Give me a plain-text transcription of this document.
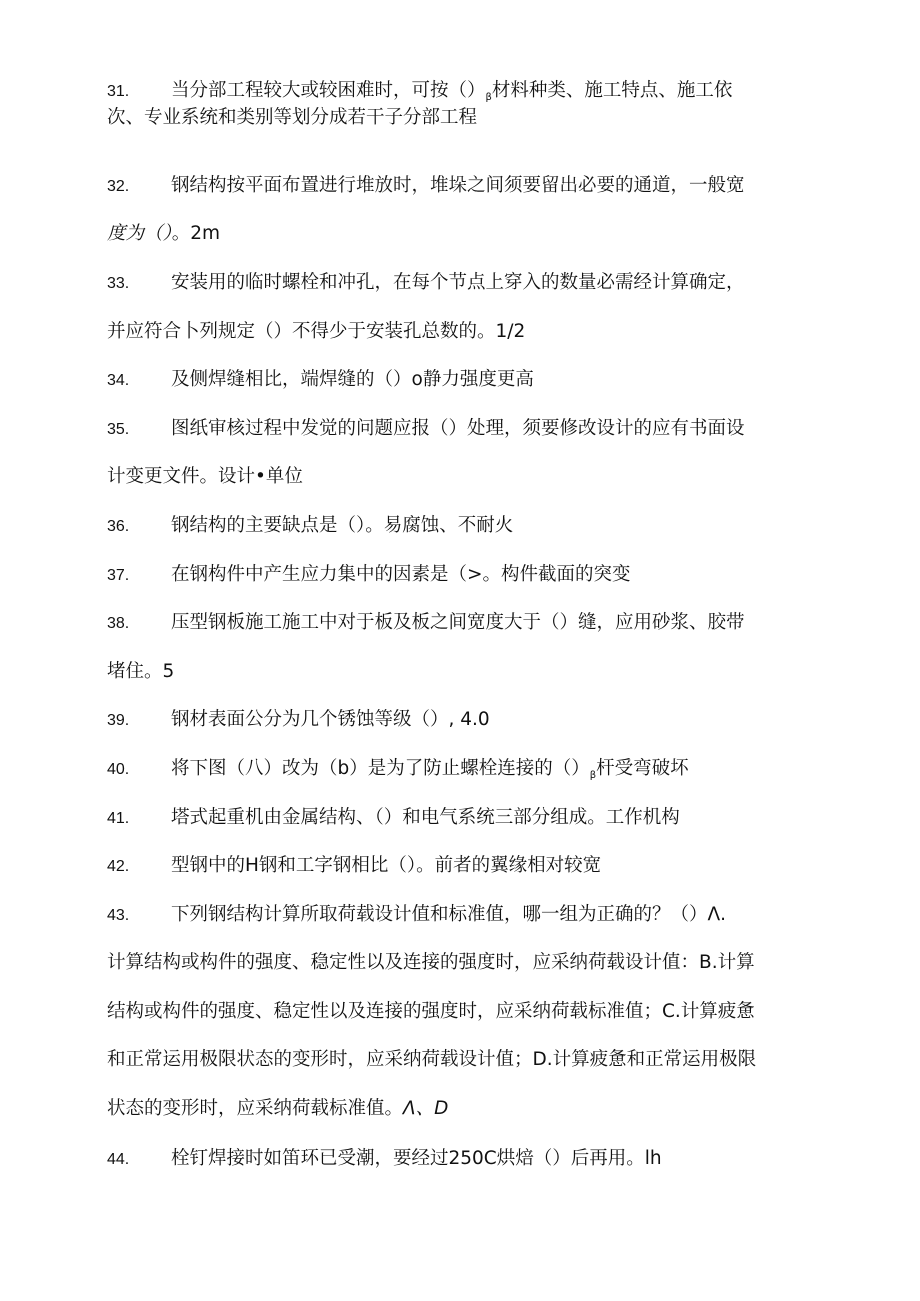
31. 当分部工程较大或较困难时，可按$()_\beta$材料种类、施工特点、施工依
次、专业系统和类别等划分成若干子分部工程
32. 钢结构按平面布置进行堆放时，堆垛之间须要留出必要的通道，一般宽
度为（）。2m
33. 安装用的临时螺栓和冲孔，在每个节点上穿入的数量必需经计算确定，
并应符合卜列规定（）不得少于安装孔总数的。1/2
34. 及侧焊缝相比，端焊缝的（）o静力强度更高
35. 图纸审核过程中发觉的问题应报（）处理，须要修改设计的应有书面设
计变更文件。设计•单位
36. 钢结构的主要缺点是（）。易腐蚀、不耐火
37. 在钢构件中产生应力集中的因素是（>。构件截面的突变
38. 压型钢板施工施工中对于板及板之间宽度大于（）缝，应用砂浆、胶带
堵住。5
39. 钢材表面公分为几个锈蚀等级（）, 4.0
40. 将下图（八）改为（b）是为了防止螺栓连接的$()_\beta$杆受弯破坏
41. 塔式起重机由金属结构、（）和电气系统三部分组成。工作机构
42. 型钢中的H钢和工字钢相比（）。前者的翼缘相对较宽
43. 下列钢结构计算所取荷载设计值和标准值，哪一组为正确的？（）Λ.
计算结构或构件的强度、稳定性以及连接的强度时，应采纳荷载设计值：B.计算
结构或构件的强度、稳定性以及连接的强度时，应采纳荷载标准值；C.计算疲惫
和正常运用极限状态的变形时，应采纳荷载设计值；D.计算疲惫和正常运用极限
状态的变形时，应采纳荷载标准值。Λ、D
44. 栓钉焊接时如笛环已受潮，要经过250C烘焙（）后再用。lh
